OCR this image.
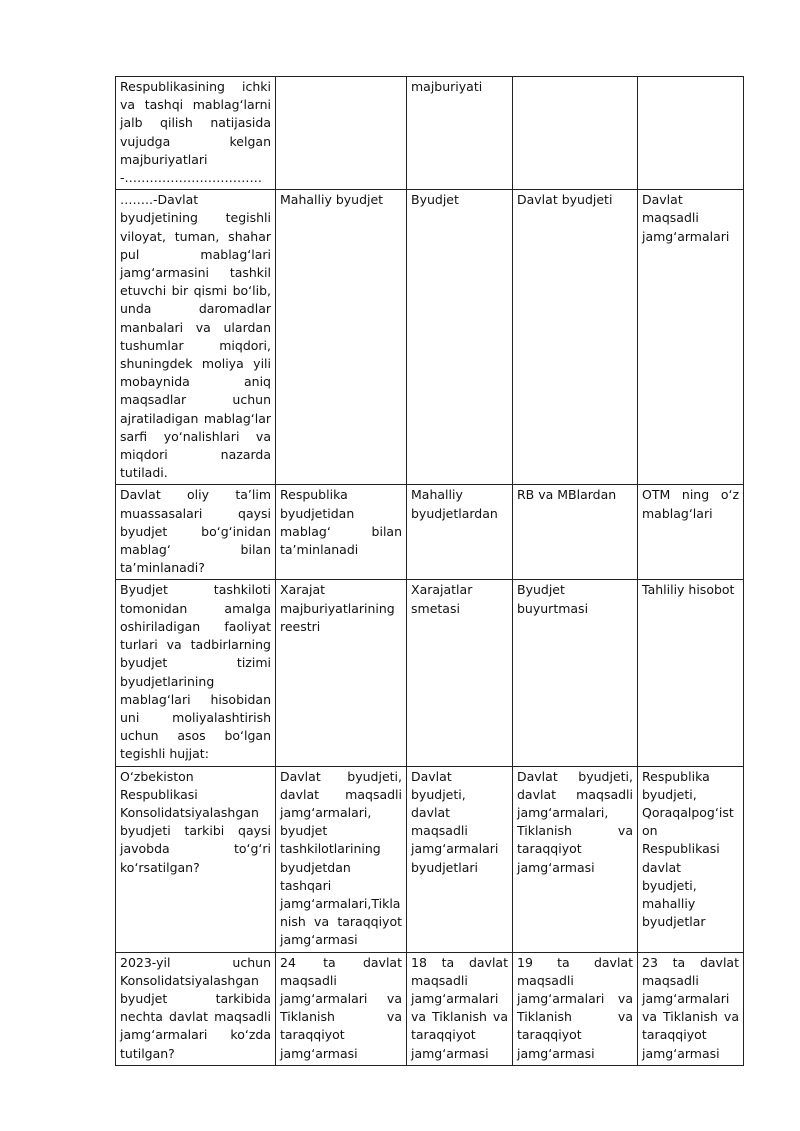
Respublikasining ichki va tashqi mablag‘larni jalb qilish natijasida vujudga kelgan majburiyatlari -……………………………		majburiyati		
……..-Davlat byudjetining tegishli viloyat, tuman, shahar pul mablag‘lari jamg‘armasini tashkil etuvchi bir qismi bo‘lib, unda daromadlar manbalari va ulardan tushumlar miqdori, shuningdek moliya yili mobaynida aniq maqsadlar uchun ajratiladigan mablag‘lar sarfi yo‘nalishlari va miqdori nazarda tutiladi.	Mahalliy byudjet	Byudjet	Davlat byudjeti	Davlat maqsadli jamg‘armalari
Davlat oliy ta’lim muassasalari qaysi byudjet bo‘g‘inidan mablag‘ bilan ta’minlanadi?	Respublika byudjetidan mablag‘ bilan ta’minlanadi	Mahalliy byudjetlardan	RB va MBlardan	OTM ning o‘z mablag‘lari
Byudjet tashkiloti tomonidan amalga oshiriladigan faoliyat turlari va tadbirlarning byudjet tizimi byudjetlarining mablag‘lari hisobidan uni moliyalashtirish uchun asos bo‘lgan tegishli hujjat:	Xarajat majburiyatlarining reestri	Xarajatlar smetasi	Byudjet buyurtmasi	Tahliliy hisobot
O‘zbekiston Respublikasi Konsolidatsiyalashgan byudjeti tarkibi qaysi javobda to‘g‘ri ko‘rsatilgan?	Davlat byudjeti, davlat maqsadli jamg‘armalari, byudjet tashkilotlarining byudjetdan tashqari jamg‘armalari,Tikla nish va taraqqiyot jamg‘armasi	Davlat byudjeti, davlat maqsadli jamg‘armalari byudjetlari	Davlat byudjeti, davlat maqsadli jamg‘armalari, Tiklanish va taraqqiyot jamg‘armasi	Respublika byudjeti, Qoraqalpog‘ist on Respublikasi davlat byudjeti, mahalliy byudjetlar
2023-yil uchun Konsolidatsiyalashgan byudjet tarkibida nechta davlat maqsadli jamg‘armalari ko‘zda tutilgan?	24 ta davlat maqsadli jamg‘armalari va Tiklanish va taraqqiyot jamg‘armasi	18 ta davlat maqsadli jamg‘armalari va Tiklanish va taraqqiyot jamg‘armasi	19 ta davlat maqsadli jamg‘armalari va Tiklanish va taraqqiyot jamg‘armasi	23 ta davlat maqsadli jamg‘armalari va Tiklanish va taraqqiyot jamg‘armasi
